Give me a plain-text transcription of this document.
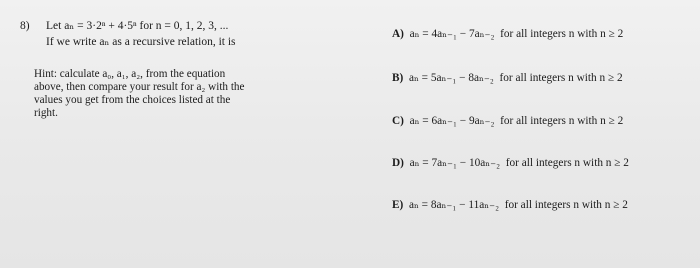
8) Let aₙ = 3·2ⁿ + 4·5ⁿ for n = 0, 1, 2, 3, ...
If we write aₙ as a recursive relation, it is
Hint: calculate a₀, a₁, a₂, from the equation
above, then compare your result for a₂ with the
values you get from the choices listed at the
right.
A) aₙ = 4aₙ₋₁ − 7aₙ₋₂ for all integers n with n ≥ 2
B) aₙ = 5aₙ₋₁ − 8aₙ₋₂ for all integers n with n ≥ 2
C) aₙ = 6aₙ₋₁ − 9aₙ₋₂ for all integers n with n ≥ 2
D) aₙ = 7aₙ₋₁ − 10aₙ₋₂ for all integers n with n ≥ 2
E) aₙ = 8aₙ₋₁ − 11aₙ₋₂ for all integers n with n ≥ 2
